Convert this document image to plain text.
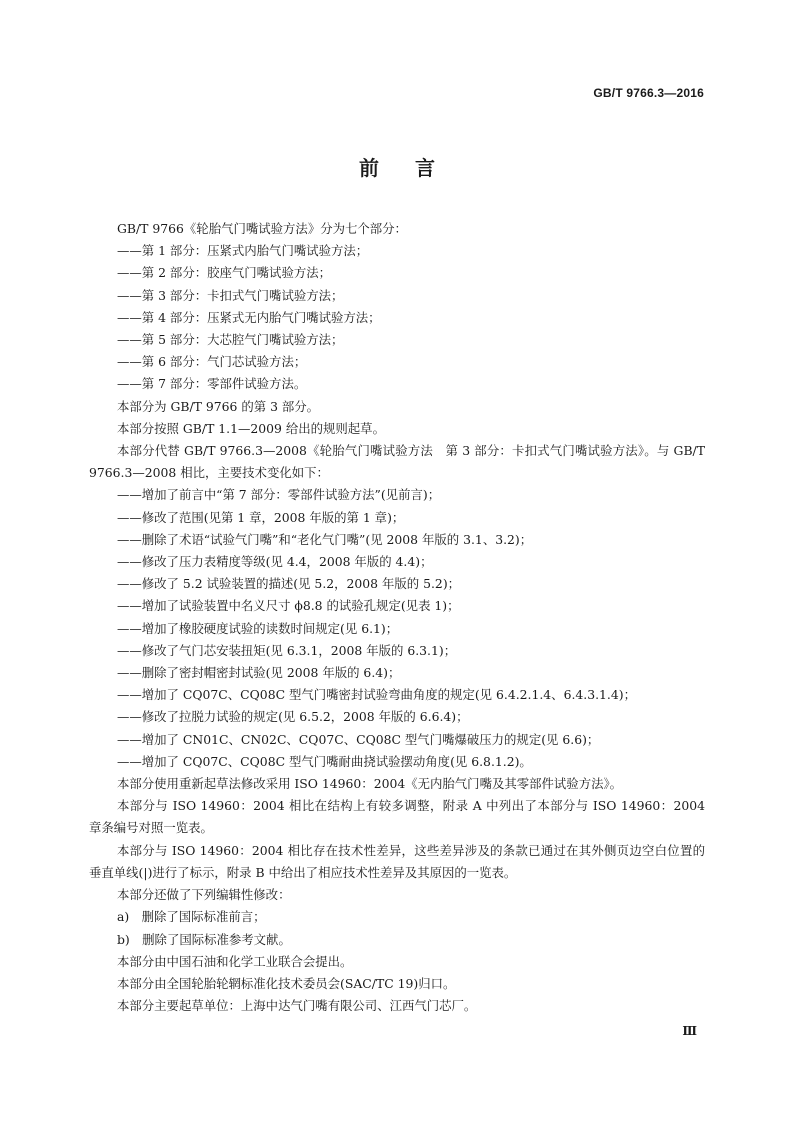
GB/T 9766.3—2016
前言

GB/T 9766《轮胎气门嘴试验方法》分为七个部分：

——第 1 部分：压紧式内胎气门嘴试验方法；

——第 2 部分：胶座气门嘴试验方法；

——第 3 部分：卡扣式气门嘴试验方法；

——第 4 部分：压紧式无内胎气门嘴试验方法；

——第 5 部分：大芯腔气门嘴试验方法；

——第 6 部分：气门芯试验方法；

——第 7 部分：零部件试验方法。

本部分为 GB/T 9766 的第 3 部分。

本部分按照 GB/T 1.1—2009 给出的规则起草。

本部分代替 GB/T 9766.3—2008《轮胎气门嘴试验方法　第 3 部分：卡扣式气门嘴试验方法》。与 GB/T 9766.3—2008 相比，主要技术变化如下：

——增加了前言中“第 7 部分：零部件试验方法”(见前言)；

——修改了范围(见第 1 章，2008 年版的第 1 章)；

——删除了术语“试验气门嘴”和“老化气门嘴”(见 2008 年版的 3.1、3.2)；

——修改了压力表精度等级(见 4.4，2008 年版的 4.4)；

——修改了 5.2 试验装置的描述(见 5.2，2008 年版的 5.2)；

——增加了试验装置中名义尺寸 ϕ8.8 的试验孔规定(见表 1)；

——增加了橡胶硬度试验的读数时间规定(见 6.1)；

——修改了气门芯安装扭矩(见 6.3.1，2008 年版的 6.3.1)；

——删除了密封帽密封试验(见 2008 年版的 6.4)；

——增加了 CQ07C、CQ08C 型气门嘴密封试验弯曲角度的规定(见 6.4.2.1.4、6.4.3.1.4)；

——修改了拉脱力试验的规定(见 6.5.2，2008 年版的 6.6.4)；

——增加了 CN01C、CN02C、CQ07C、CQ08C 型气门嘴爆破压力的规定(见 6.6)；

——增加了 CQ07C、CQ08C 型气门嘴耐曲挠试验摆动角度(见 6.8.1.2)。

本部分使用重新起草法修改采用 ISO 14960：2004《无内胎气门嘴及其零部件试验方法》。

本部分与 ISO 14960：2004 相比在结构上有较多调整，附录 A 中列出了本部分与 ISO 14960：2004 章条编号对照一览表。

本部分与 ISO 14960：2004 相比存在技术性差异，这些差异涉及的条款已通过在其外侧页边空白位置的垂直单线(|)进行了标示，附录 B 中给出了相应技术性差异及其原因的一览表。

本部分还做了下列编辑性修改：

a)　删除了国际标准前言；

b)　删除了国际标准参考文献。

本部分由中国石油和化学工业联合会提出。

本部分由全国轮胎轮辋标准化技术委员会(SAC/TC 19)归口。

本部分主要起草单位：上海中达气门嘴有限公司、江西气门芯厂。

Ⅲ
